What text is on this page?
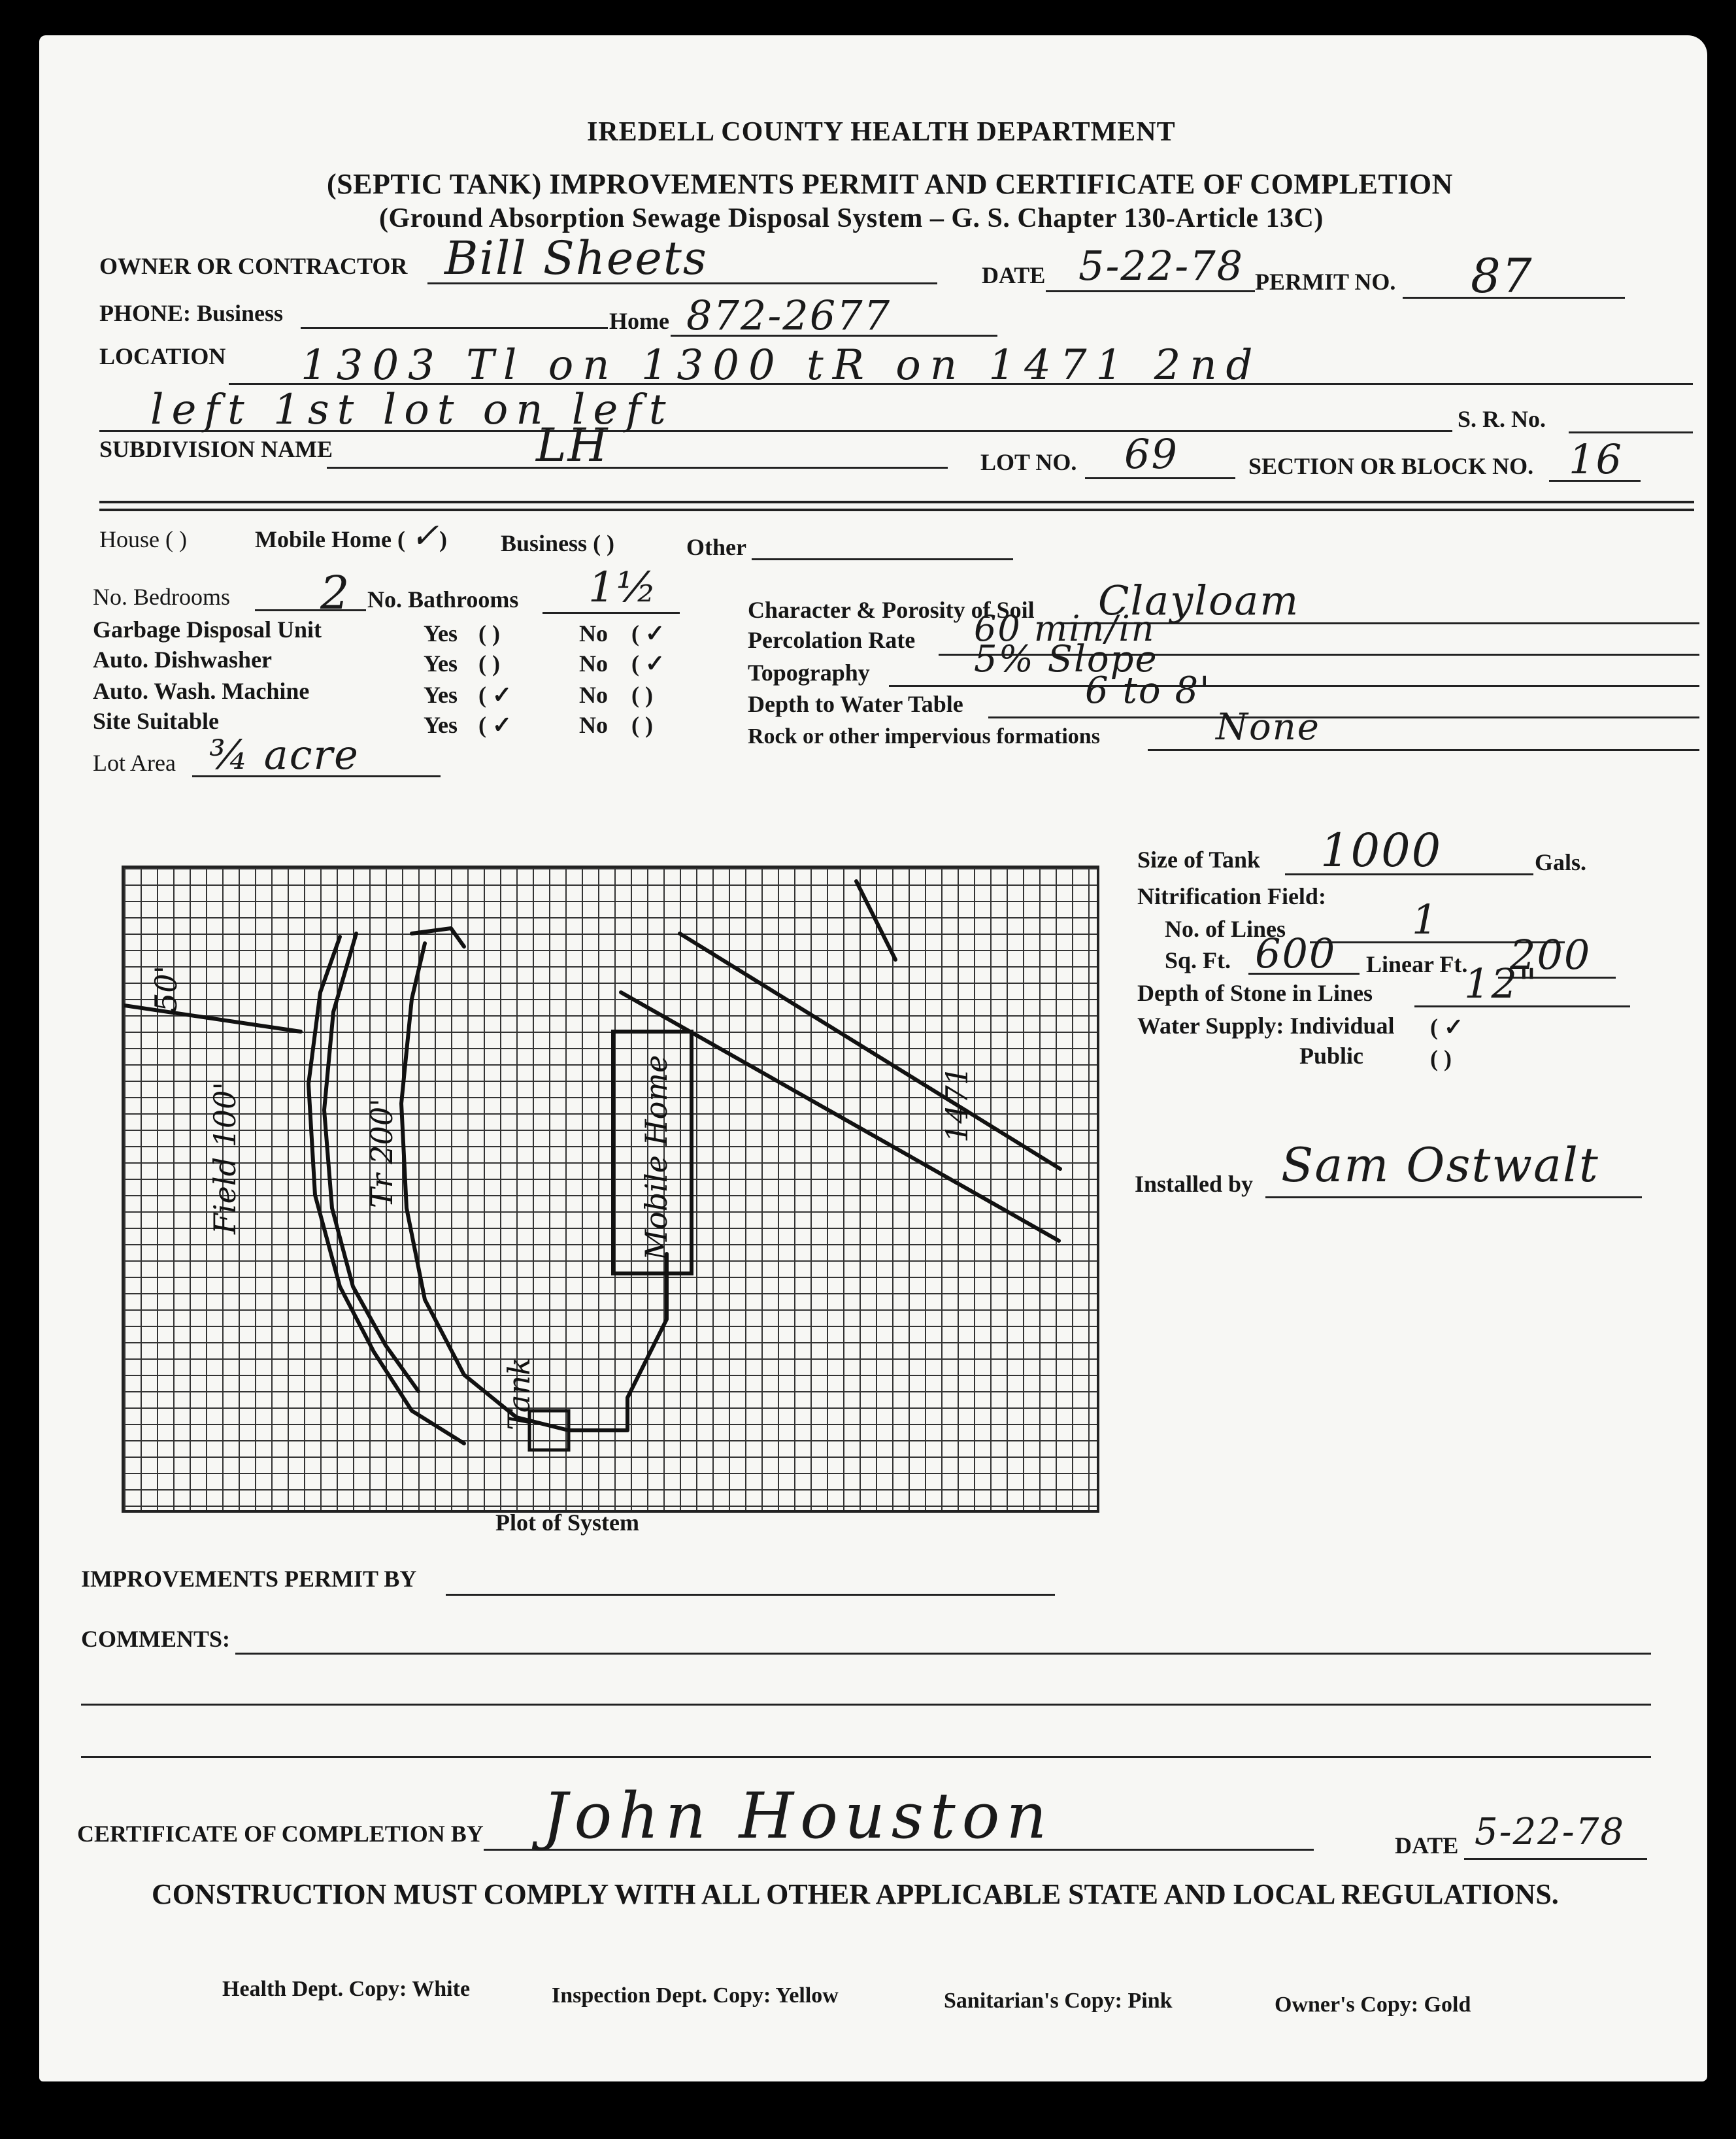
IREDELL COUNTY HEALTH DEPARTMENT
(SEPTIC TANK) IMPROVEMENTS PERMIT AND CERTIFICATE OF COMPLETION
(Ground Absorption Sewage Disposal System – G. S. Chapter 130-Article 13C)
OWNER OR CONTRACTOR Bill Sheets	DATE 5-22-78 PERMIT NO. 87
PHONE: Business	Home 872-2677
LOCATION 1303 Tl on 1300 tR on 1471 2nd
left 1st lot on left	S. R. No.
SUBDIVISION NAME	LH	LOT NO. 69	SECTION OR BLOCK NO. 16
House ( )	Mobile Home ( ✓
) Business ( )	Other
No. Bedrooms 2 No. Bathrooms 1½
Garbage Disposal Unit	Yes ( )	No ( ✓
Auto. Dishwasher	Yes ( )	No ( ✓
Auto. Wash. Machine	Yes ( ✓	No ( )
Site Suitable	Yes ( ✓	No ( )
Lot Area ¾ acre
Character & Porosity of Soil Clayloam
Percolation Rate 60 min/in
Topography	5% Slope
Depth to Water Table	6 to 8'
Rock or other impervious formations	None
50'
Field 100'	Tr 200'	Mobile Home
Tank
1471
Plot of System
Size of Tank 1000	Gals.
Nitrification Field:
No. of Lines	1
Sq. Ft. 600 Linear Ft. 200
Depth of Stone in Lines 12"
Water Supply: Individual ( ✓
Public	( )
Installed by Sam Ostwalt
IMPROVEMENTS PERMIT BY
COMMENTS:
CERTIFICATE OF COMPLETION BY John Houston	DATE 5-22-78
CONSTRUCTION MUST COMPLY WITH ALL OTHER APPLICABLE STATE AND LOCAL REGULATIONS.
Health Dept. Copy: White	Inspection Dept. Copy: Yellow	Sanitarian's Copy: Pink	Owner's Copy: Gold
